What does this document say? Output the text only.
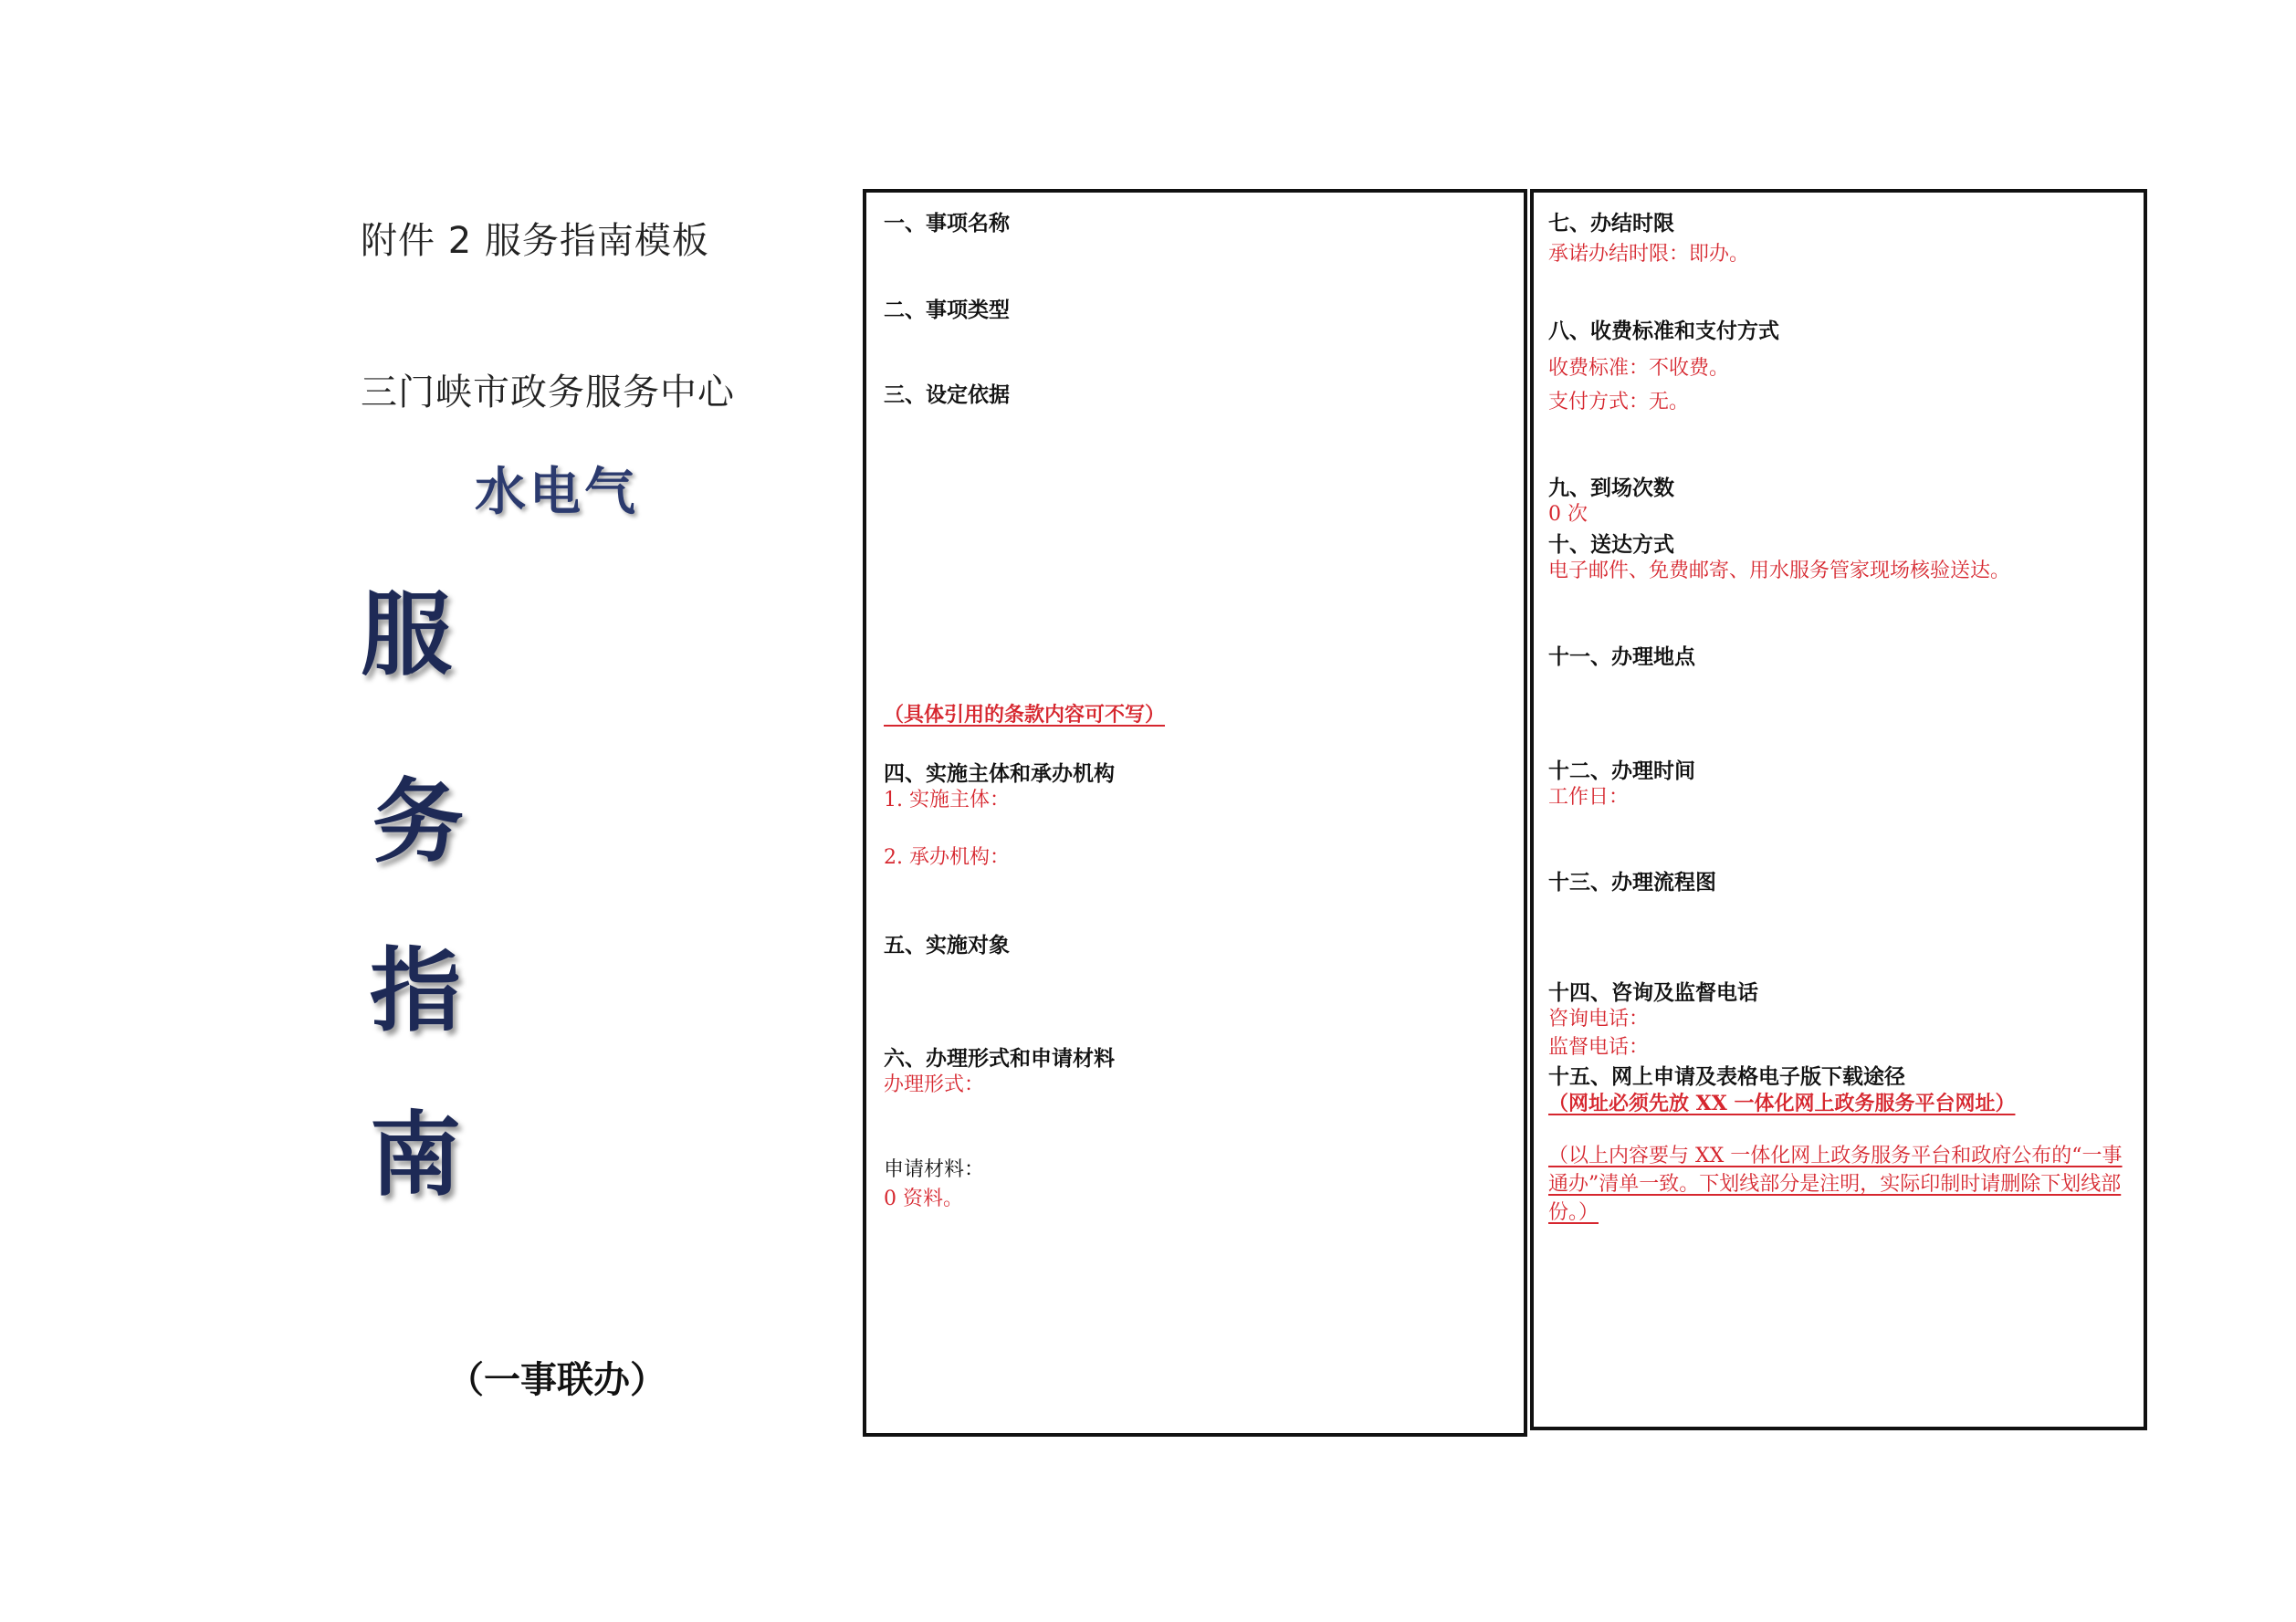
附件 2 服务指南模板
三门峡市政务服务中心
水电气
服
务
指
南
（一事联办）
一、事项名称
二、事项类型
三、设定依据
（具体引用的条款内容可不写）
四、实施主体和承办机构
1. 实施主体：
2. 承办机构：
五、实施对象
六、办理形式和申请材料
办理形式：
申请材料：
0 资料。
七、办结时限
承诺办结时限：即办。
八、收费标准和支付方式
收费标准：不收费。
支付方式：无。
九、到场次数
0 次
十、送达方式
电子邮件、免费邮寄、用水服务管家现场核验送达。
十一、办理地点
十二、办理时间
工作日：
十三、办理流程图
十四、咨询及监督电话
咨询电话：
监督电话：
十五、网上申请及表格电子版下载途径
（网址必须先放 XX 一体化网上政务服务平台网址）
（以上内容要与 XX 一体化网上政务服务平台和政府公布的“一事通办”清单一致。下划线部分是注明，实际印制时请删除下划线部份。）
